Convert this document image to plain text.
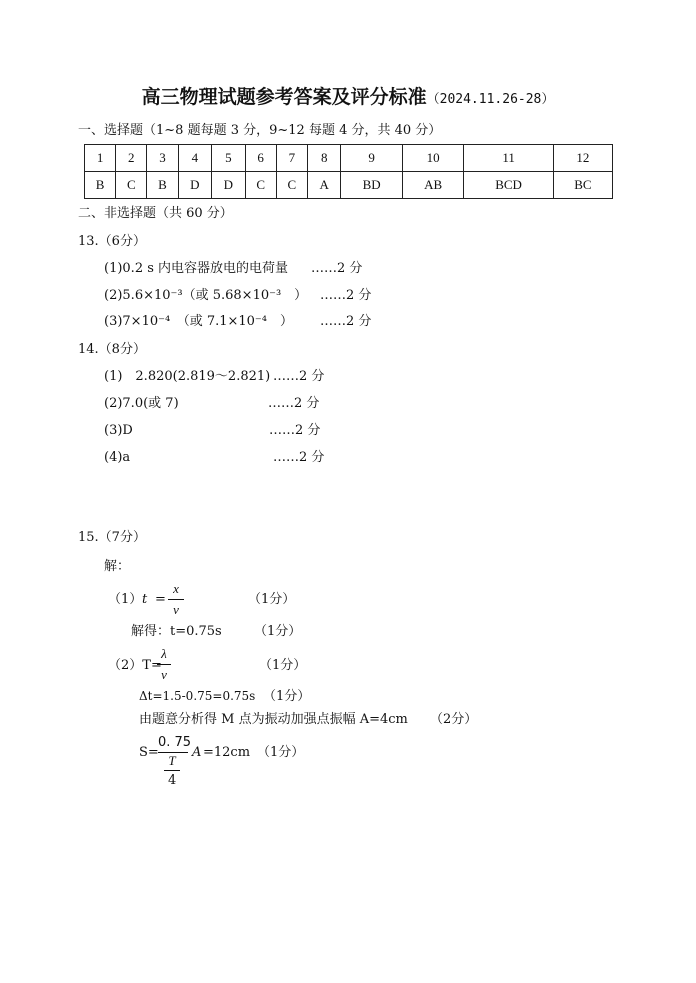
高三物理试题参考答案及评分标准（2024.11.26-28）
一、选择题（1~8 题每题 3 分，9~12 每题 4 分，共 40 分）
1	2	3	4	5	6	7	8	9	10	11	12
B	C	B	D	D	C	C	A	BD	AB	BCD	BC
二、非选择题（共 60 分）
13.（6分）
(1)0.2 s 内电容器放电的电荷量 ……2 分
(2)5.6×10⁻³（或 5.68×10⁻³　） ……2 分
(3)7×10⁻⁴　（或 7.1×10⁻⁴　） ……2 分
14.（8分）
(1)　2.820(2.819～2.821) ……2 分
(2)7.0(或 7)	……2 分
(3)D	……2 分
(4)a	……2 分
15.（7分）
解：
（1） t =
x
v
（1分）
解得：t=0.75s （1分）
（2）T=
λ
v
（1分）
Δt=1.5-0.75=0.75s （1分）
由题意分析得 M 点为振动加强点振幅 A=4cm （2分）
S=
0. 75
T
4
A =12cm （1分）
